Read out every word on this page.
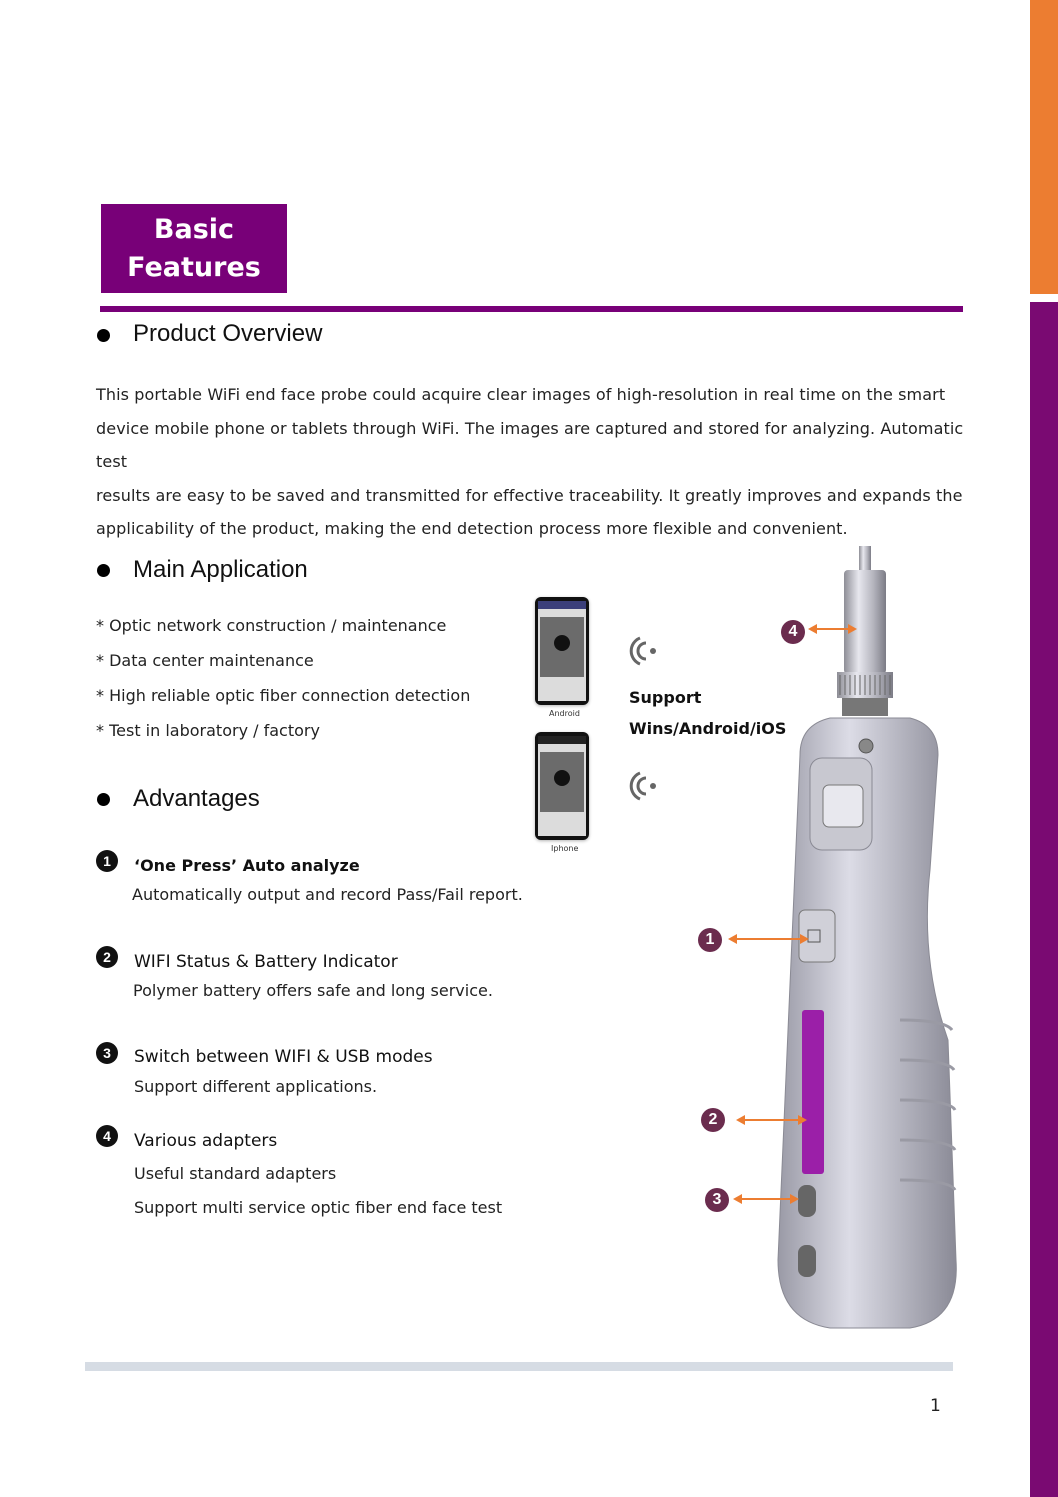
Basic
Features
Product Overview
This portable WiFi end face probe could acquire clear images of high-resolution in real time on the smart
device mobile phone or tablets through WiFi. The images are captured and stored for analyzing. Automatic test
results are easy to be saved and transmitted for effective traceability. It greatly improves and expands the
applicability of the product, making the end detection process more flexible and convenient.
Main Application
* Optic network construction / maintenance
* Data center maintenance
* High reliable optic fiber connection detection
* Test in laboratory / factory
Advantages
1	‘One Press’ Auto analyze
Automatically output and record Pass/Fail report.
2	WIFI Status & Battery Indicator
Polymer battery offers safe and long service.
3	Switch between WIFI & USB modes
Support different applications.
4	Various adapters
Useful standard adapters
Support multi service optic fiber end face test
Android
Iphone
Support
Wins/Android/iOS
4
1
2
3
1
